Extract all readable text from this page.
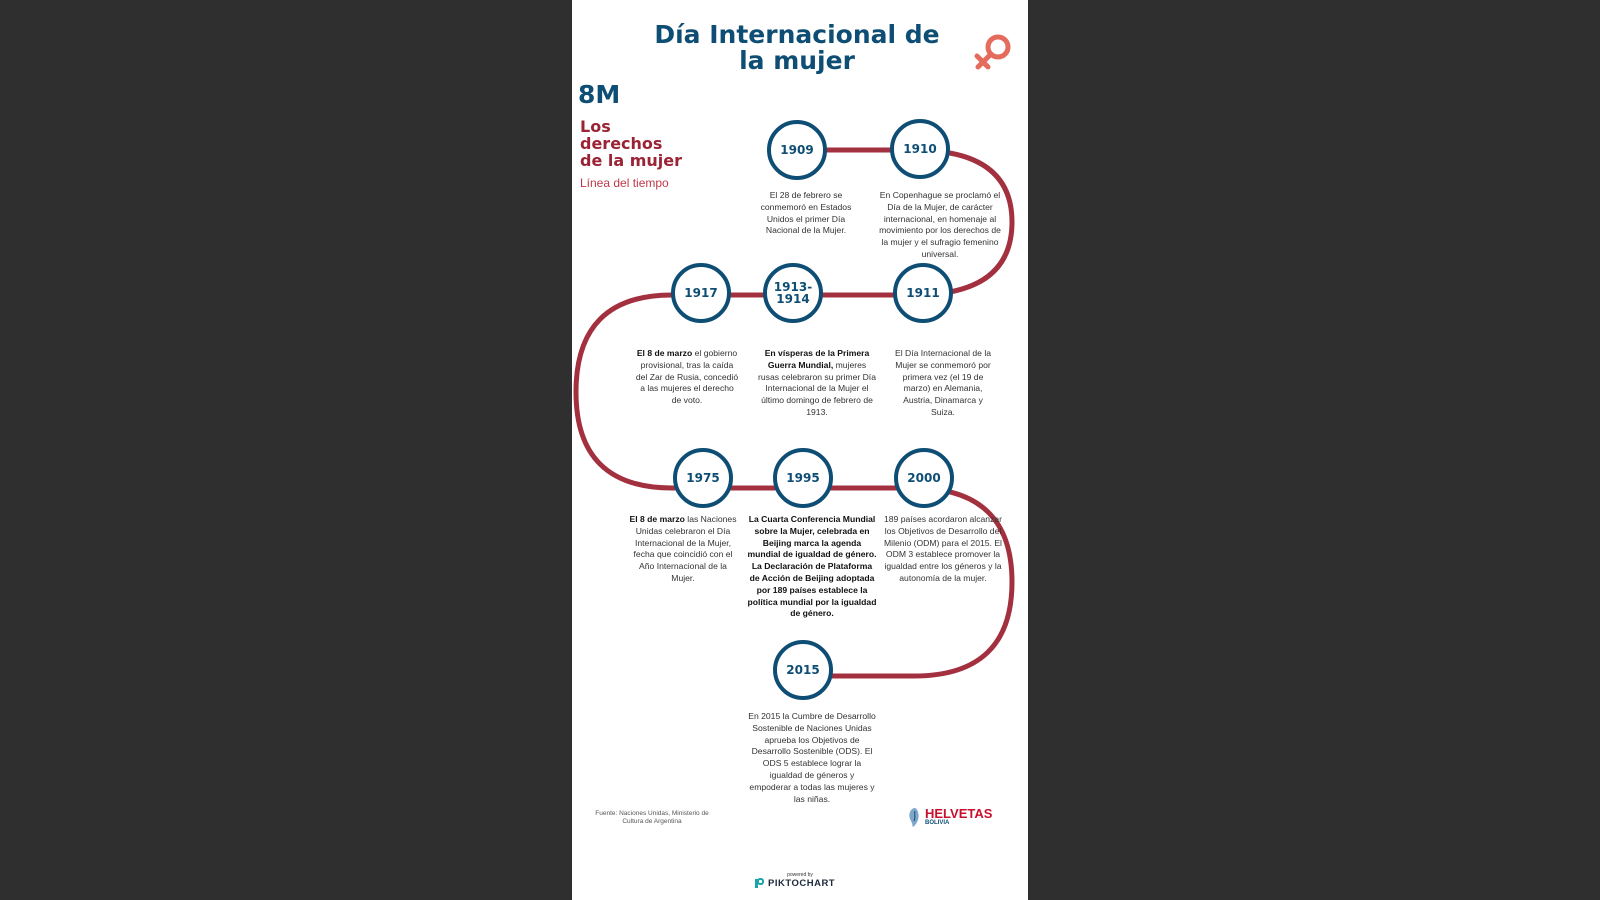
Día Internacional de
la mujer
8M
Los
derechos
de la mujer
Línea del tiempo
1909	1910
El 28 de febrero se conmemoró en Estados Unidos el primer Día Nacional de la Mujer.
En Copenhague se proclamó el Día de la Mujer, de carácter internacional, en homenaje al movimiento por los derechos de la mujer y el sufragio femenino universal.
1917	1913-
1914	1911
El 8 de marzo el gobierno provisional, tras la caída del Zar de Rusia, concedió a las mujeres el derecho de voto.
En vísperas de la Primera Guerra Mundial, mujeres rusas celebraron su primer Día Internacional de la Mujer el último domingo de febrero de 1913.
El Día Internacional de la Mujer se conmemoró por primera vez (el 19 de marzo) en Alemania, Austria, Dinamarca y Suiza.
1975	1995	2000
El 8 de marzo las Naciones Unidas celebraron el Día Internacional de la Mujer, fecha que coincidió con el Año Internacional de la Mujer.
La Cuarta Conferencia Mundial sobre la Mujer, celebrada en Beijing marca la agenda mundial de igualdad de género. La Declaración de Plataforma de Acción de Beijing adoptada por 189 países establece la política mundial por la igualdad de género.
189 países acordaron alcanzar los Objetivos de Desarrollo del Milenio (ODM) para el 2015. El ODM 3 establece promover la igualdad entre los géneros y la autonomía de la mujer.
2015
En 2015 la Cumbre de Desarrollo Sostenible de Naciones Unidas aprueba los Objetivos de Desarrollo Sostenible (ODS). El ODS 5 establece lograr la igualdad de géneros y empoderar a todas las mujeres y las niñas.
Fuente: Naciones Unidas, Ministerio de Cultura de Argentina
HELVETAS
BOLIVIA
powered by
PIKTOCHART
